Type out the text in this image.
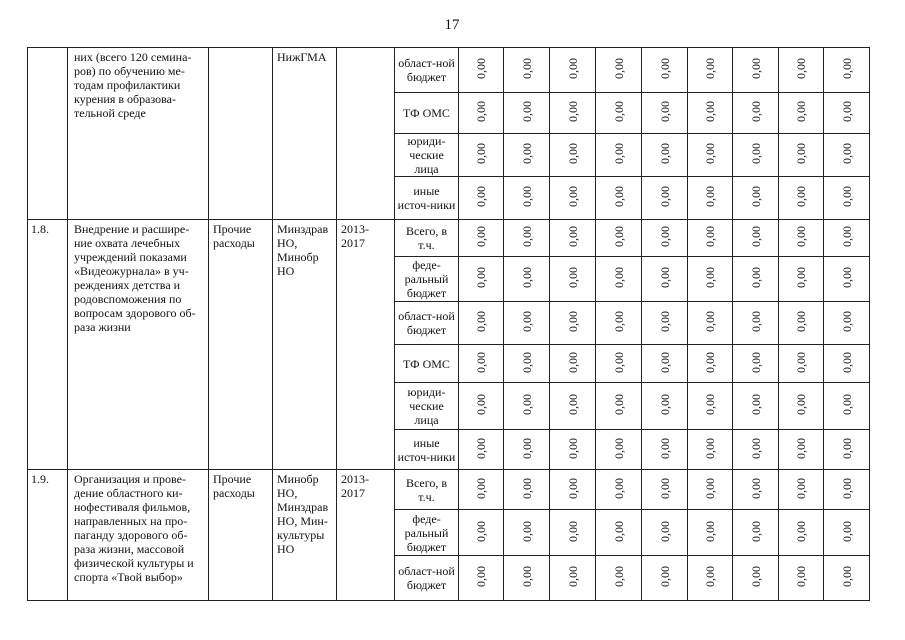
17
	них (всего 120 семина-ров) по обучению ме-тодам профилактики курения в образова-тельной среде		НижГМА		област-ной бюджет	0,00	0,00	0,00	0,00	0,00	0,00	0,00	0,00	0,00
					ТФ ОМС	0,00	0,00	0,00	0,00	0,00	0,00	0,00	0,00	0,00
					юриди-ческие лица	0,00	0,00	0,00	0,00	0,00	0,00	0,00	0,00	0,00
					иные источ-ники	0,00	0,00	0,00	0,00	0,00	0,00	0,00	0,00	0,00
1.8.	Внедрение и расшире-ние охвата лечебных учреждений показами «Видеожурнала» в уч-реждениях детства и родовспоможения по вопросам здорового об-раза жизни	Прочие расходы	Минздрав НО, Минобр НО	2013-2017	Всего, в т.ч.	0,00	0,00	0,00	0,00	0,00	0,00	0,00	0,00	0,00
					феде-ральный бюджет	0,00	0,00	0,00	0,00	0,00	0,00	0,00	0,00	0,00
					област-ной бюджет	0,00	0,00	0,00	0,00	0,00	0,00	0,00	0,00	0,00
					ТФ ОМС	0,00	0,00	0,00	0,00	0,00	0,00	0,00	0,00	0,00
					юриди-ческие лица	0,00	0,00	0,00	0,00	0,00	0,00	0,00	0,00	0,00
					иные источ-ники	0,00	0,00	0,00	0,00	0,00	0,00	0,00	0,00	0,00
1.9.	Организация и прове-дение областного ки-нофестиваля фильмов, направленных на про-паганду здорового об-раза жизни, массовой физической культуры и спорта «Твой выбор»	Прочие расходы	Минобр НО, Минздрав НО, Мин-культуры НО	2013-2017	Всего, в т.ч.	0,00	0,00	0,00	0,00	0,00	0,00	0,00	0,00	0,00
					феде-ральный бюджет	0,00	0,00	0,00	0,00	0,00	0,00	0,00	0,00	0,00
					област-ной бюджет	0,00	0,00	0,00	0,00	0,00	0,00	0,00	0,00	0,00
